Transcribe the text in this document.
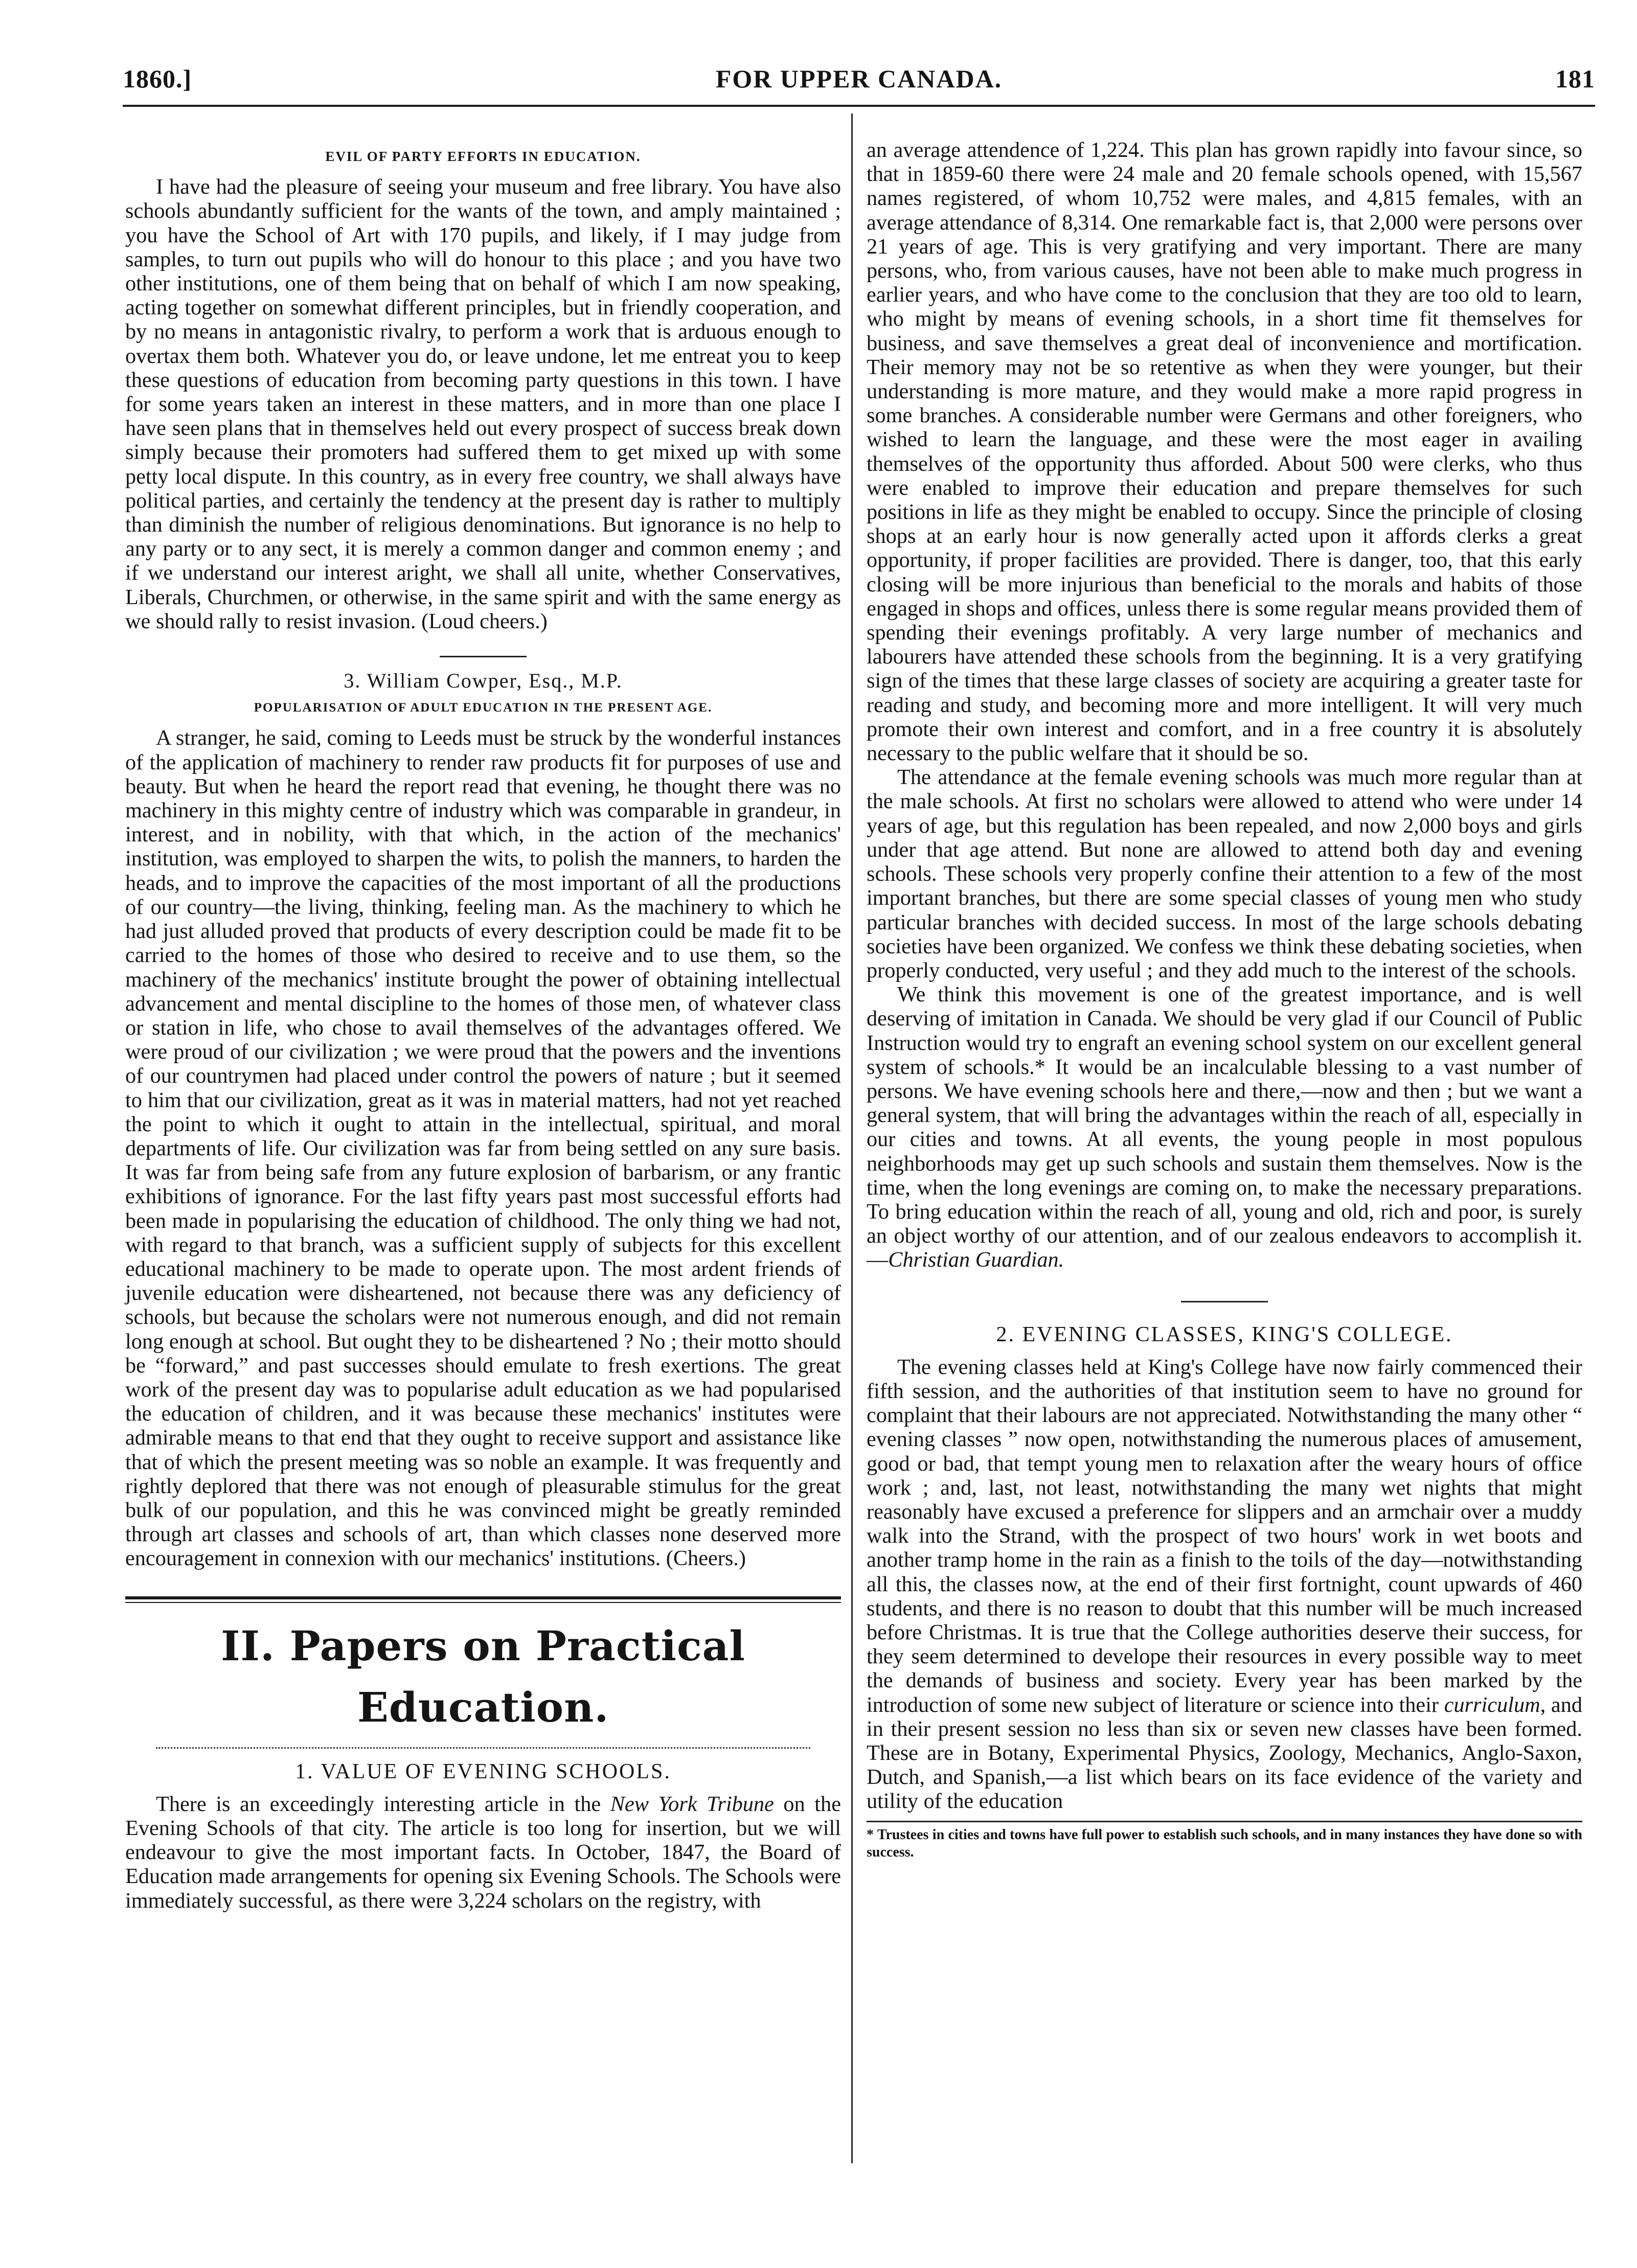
1860.]	FOR UPPER CANADA.	181
EVIL OF PARTY EFFORTS IN EDUCATION.

I have had the pleasure of seeing your museum and free library. You have also schools abundantly sufficient for the wants of the town, and amply maintained ; you have the School of Art with 170 pupils, and likely, if I may judge from samples, to turn out pupils who will do honour to this place ; and you have two other institutions, one of them being that on behalf of which I am now speaking, acting together on somewhat different principles, but in friendly cooperation, and by no means in antagonistic rivalry, to perform a work that is arduous enough to overtax them both. Whatever you do, or leave undone, let me entreat you to keep these questions of education from becoming party questions in this town. I have for some years taken an interest in these matters, and in more than one place I have seen plans that in themselves held out every prospect of success break down simply because their promoters had suffered them to get mixed up with some petty local dispute. In this country, as in every free country, we shall always have political parties, and certainly the tendency at the present day is rather to multiply than diminish the number of religious denominations. But ignorance is no help to any party or to any sect, it is merely a common danger and common enemy ; and if we understand our interest aright, we shall all unite, whether Conservatives, Liberals, Churchmen, or otherwise, in the same spirit and with the same energy as we should rally to resist invasion. (Loud cheers.)

3. William Cowper, Esq., M.P.
POPULARISATION OF ADULT EDUCATION IN THE PRESENT AGE.

A stranger, he said, coming to Leeds must be struck by the wonderful instances of the application of machinery to render raw products fit for purposes of use and beauty. But when he heard the report read that evening, he thought there was no machinery in this mighty centre of industry which was comparable in grandeur, in interest, and in nobility, with that which, in the action of the mechanics' institution, was employed to sharpen the wits, to polish the manners, to harden the heads, and to improve the capacities of the most important of all the productions of our country—the living, thinking, feeling man. As the machinery to which he had just alluded proved that products of every description could be made fit to be carried to the homes of those who desired to receive and to use them, so the machinery of the mechanics' institute brought the power of obtaining intellectual advancement and mental discipline to the homes of those men, of whatever class or station in life, who chose to avail themselves of the advantages offered. We were proud of our civilization ; we were proud that the powers and the inventions of our countrymen had placed under control the powers of nature ; but it seemed to him that our civilization, great as it was in material matters, had not yet reached the point to which it ought to attain in the intellectual, spiritual, and moral departments of life. Our civilization was far from being settled on any sure basis. It was far from being safe from any future explosion of barbarism, or any frantic exhibitions of ignorance. For the last fifty years past most successful efforts had been made in popularising the education of childhood. The only thing we had not, with regard to that branch, was a sufficient supply of subjects for this excellent educational machinery to be made to operate upon. The most ardent friends of juvenile education were disheartened, not because there was any deficiency of schools, but because the scholars were not numerous enough, and did not remain long enough at school. But ought they to be disheartened ? No ; their motto should be “forward,” and past successes should emulate to fresh exertions. The great work of the present day was to popularise adult education as we had popularised the education of children, and it was because these mechanics' institutes were admirable means to that end that they ought to receive support and assistance like that of which the present meeting was so noble an example. It was frequently and rightly deplored that there was not enough of pleasurable stimulus for the great bulk of our population, and this he was convinced might be greatly reminded through art classes and schools of art, than which classes none deserved more encouragement in connexion with our mechanics' institutions. (Cheers.)

II. Papers on Practical Education.
1. VALUE OF EVENING SCHOOLS.

There is an exceedingly interesting article in the New York Tribune on the Evening Schools of that city. The article is too long for insertion, but we will endeavour to give the most important facts. In October, 1847, the Board of Education made arrangements for opening six Evening Schools. The Schools were immediately successful, as there were 3,224 scholars on the registry, with

an average attendence of 1,224. This plan has grown rapidly into favour since, so that in 1859-60 there were 24 male and 20 female schools opened, with 15,567 names registered, of whom 10,752 were males, and 4,815 females, with an average attendance of 8,314. One remarkable fact is, that 2,000 were persons over 21 years of age. This is very gratifying and very important. There are many persons, who, from various causes, have not been able to make much progress in earlier years, and who have come to the conclusion that they are too old to learn, who might by means of evening schools, in a short time fit themselves for business, and save themselves a great deal of inconvenience and mortification. Their memory may not be so retentive as when they were younger, but their understanding is more mature, and they would make a more rapid progress in some branches. A considerable number were Germans and other foreigners, who wished to learn the language, and these were the most eager in availing themselves of the opportunity thus afforded. About 500 were clerks, who thus were enabled to improve their education and prepare themselves for such positions in life as they might be enabled to occupy. Since the principle of closing shops at an early hour is now generally acted upon it affords clerks a great opportunity, if proper facilities are provided. There is danger, too, that this early closing will be more injurious than beneficial to the morals and habits of those engaged in shops and offices, unless there is some regular means provided them of spending their evenings profitably. A very large number of mechanics and labourers have attended these schools from the beginning. It is a very gratifying sign of the times that these large classes of society are acquiring a greater taste for reading and study, and becoming more and more intelligent. It will very much promote their own interest and comfort, and in a free country it is absolutely necessary to the public welfare that it should be so.

The attendance at the female evening schools was much more regular than at the male schools. At first no scholars were allowed to attend who were under 14 years of age, but this regulation has been repealed, and now 2,000 boys and girls under that age attend. But none are allowed to attend both day and evening schools. These schools very properly confine their attention to a few of the most important branches, but there are some special classes of young men who study particular branches with decided success. In most of the large schools debating societies have been organized. We confess we think these debating societies, when properly conducted, very useful ; and they add much to the interest of the schools.

We think this movement is one of the greatest importance, and is well deserving of imitation in Canada. We should be very glad if our Council of Public Instruction would try to engraft an evening school system on our excellent general system of schools.* It would be an incalculable blessing to a vast number of persons. We have evening schools here and there,—now and then ; but we want a general system, that will bring the advantages within the reach of all, especially in our cities and towns. At all events, the young people in most populous neighborhoods may get up such schools and sustain them themselves. Now is the time, when the long evenings are coming on, to make the necessary preparations. To bring education within the reach of all, young and old, rich and poor, is surely an object worthy of our attention, and of our zealous endeavors to accomplish it.—Christian Guardian.

2. EVENING CLASSES, KING'S COLLEGE.

The evening classes held at King's College have now fairly commenced their fifth session, and the authorities of that institution seem to have no ground for complaint that their labours are not appreciated. Notwithstanding the many other “ evening classes ” now open, notwithstanding the numerous places of amusement, good or bad, that tempt young men to relaxation after the weary hours of office work ; and, last, not least, notwithstanding the many wet nights that might reasonably have excused a preference for slippers and an armchair over a muddy walk into the Strand, with the prospect of two hours' work in wet boots and another tramp home in the rain as a finish to the toils of the day—notwithstanding all this, the classes now, at the end of their first fortnight, count upwards of 460 students, and there is no reason to doubt that this number will be much increased before Christmas. It is true that the College authorities deserve their success, for they seem determined to develope their resources in every possible way to meet the demands of business and society. Every year has been marked by the introduction of some new subject of literature or science into their curriculum, and in their present session no less than six or seven new classes have been formed. These are in Botany, Experimental Physics, Zoology, Mechanics, Anglo-Saxon, Dutch, and Spanish,—a list which bears on its face evidence of the variety and utility of the education

* Trustees in cities and towns have full power to establish such schools, and in many instances they have done so with success.
